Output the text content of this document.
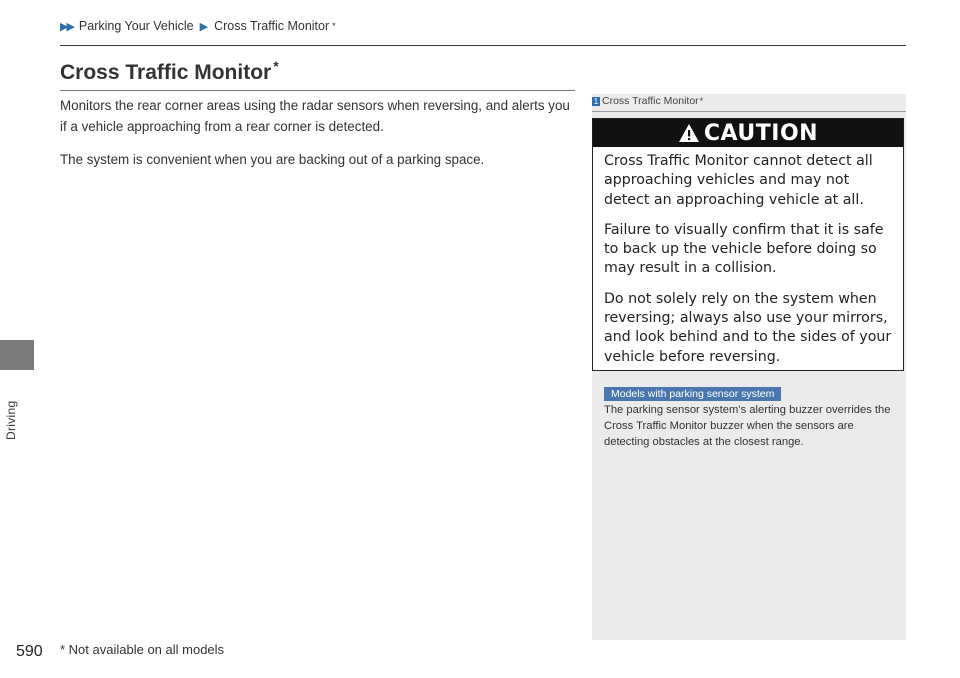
Driving
▶▶ Parking Your Vehicle ▶ Cross Traffic Monitor *
Cross Traffic Monitor *

Monitors the rear corner areas using the radar sensors when reversing, and alerts you if a vehicle approaching from a rear corner is detected.

The system is convenient when you are backing out of a parking space.

1 Cross Traffic Monitor *
CAUTION

Cross Traffic Monitor cannot detect all approaching vehicles and may not detect an approaching vehicle at all.

Failure to visually confirm that it is safe to back up the vehicle before doing so may result in a collision.

Do not solely rely on the system when reversing; always also use your mirrors, and look behind and to the sides of your vehicle before reversing.

Models with parking sensor system

The parking sensor system’s alerting buzzer overrides the Cross Traffic Monitor buzzer when the sensors are detecting obstacles at the closest range.

590 * Not available on all models
